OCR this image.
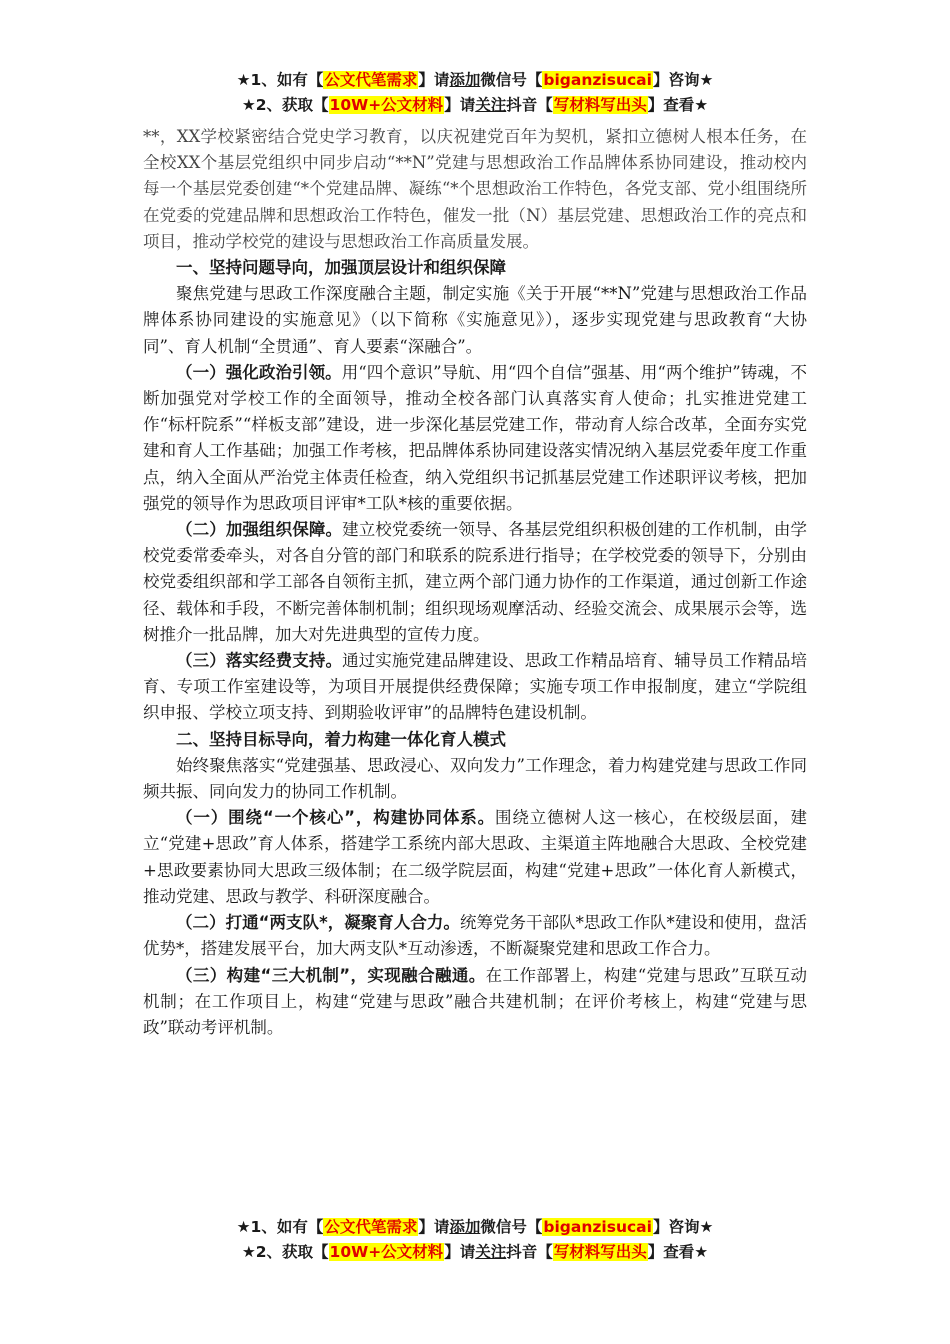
★1、如有【公文代笔需求】请添加微信号【biganzisucai】咨询★
★2、获取【10W+公文材料】请关注抖音【写材料写出头】查看★

**，XX学校紧密结合党史学习教育，以庆祝建党百年为契机，紧扣立德树人根本任务，在全校XX个基层党组织中同步启动“**N”党建与思想政治工作品牌体系协同建设，推动校内每一个基层党委创建“*个党建品牌、凝练“*个思想政治工作特色，各党支部、党小组围绕所在党委的党建品牌和思想政治工作特色，催发一批（N）基层党建、思想政治工作的亮点和项目，推动学校党的建设与思想政治工作高质量发展。

一、坚持问题导向，加强顶层设计和组织保障

聚焦党建与思政工作深度融合主题，制定实施《关于开展“**N”党建与思想政治工作品牌体系协同建设的实施意见》（以下简称《实施意见》），逐步实现党建与思政教育“大协同”、育人机制“全贯通”、育人要素“深融合”。

（一）强化政治引领。用“四个意识”导航、用“四个自信”强基、用“两个维护”铸魂，不断加强党对学校工作的全面领导，推动全校各部门认真落实育人使命；扎实推进党建工作“标杆院系”“样板支部”建设，进一步深化基层党建工作，带动育人综合改革，全面夯实党建和育人工作基础；加强工作考核，把品牌体系协同建设落实情况纳入基层党委年度工作重点，纳入全面从严治党主体责任检查，纳入党组织书记抓基层党建工作述职评议考核，把加强党的领导作为思政项目评审*工队*核的重要依据。

（二）加强组织保障。建立校党委统一领导、各基层党组织积极创建的工作机制，由学校党委常委牵头，对各自分管的部门和联系的院系进行指导；在学校党委的领导下，分别由校党委组织部和学工部各自领衔主抓，建立两个部门通力协作的工作渠道，通过创新工作途径、载体和手段，不断完善体制机制；组织现场观摩活动、经验交流会、成果展示会等，选树推介一批品牌，加大对先进典型的宣传力度。

（三）落实经费支持。通过实施党建品牌建设、思政工作精品培育、辅导员工作精品培育、专项工作室建设等，为项目开展提供经费保障；实施专项工作申报制度，建立“学院组织申报、学校立项支持、到期验收评审”的品牌特色建设机制。

二、坚持目标导向，着力构建一体化育人模式

始终聚焦落实“党建强基、思政浸心、双向发力”工作理念，着力构建党建与思政工作同频共振、同向发力的协同工作机制。

（一）围绕“一个核心”，构建协同体系。围绕立德树人这一核心，在校级层面，建立“党建+思政”育人体系，搭建学工系统内部大思政、主渠道主阵地融合大思政、全校党建+思政要素协同大思政三级体制；在二级学院层面，构建“党建+思政”一体化育人新模式，推动党建、思政与教学、科研深度融合。

（二）打通“两支队*，凝聚育人合力。统筹党务干部队*思政工作队*建设和使用，盘活优势*，搭建发展平台，加大两支队*互动渗透，不断凝聚党建和思政工作合力。

（三）构建“三大机制”，实现融合融通。在工作部署上，构建“党建与思政”互联互动机制；在工作项目上，构建“党建与思政”融合共建机制；在评价考核上，构建“党建与思政”联动考评机制。

★1、如有【公文代笔需求】请添加微信号【biganzisucai】咨询★
★2、获取【10W+公文材料】请关注抖音【写材料写出头】查看★
